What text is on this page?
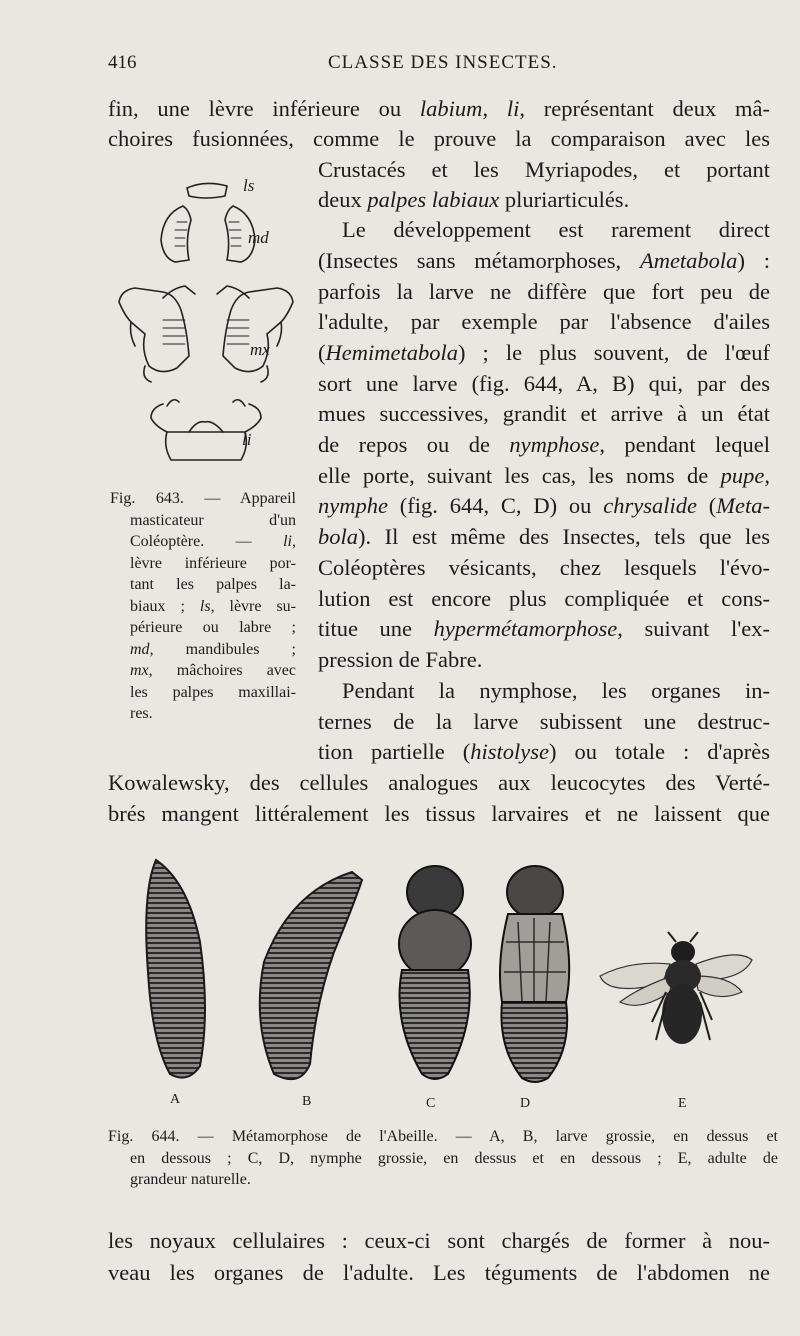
416	CLASSE DES INSECTES.
fin, une lèvre inférieure ou labium, li, représentant deux mâ-
choires fusionnées, comme le prouve la comparaison avec les
Crustacés et les Myriapodes, et portant
deux palpes labiaux pluriarticulés.
Le développement est rarement direct
(Insectes sans métamorphoses, Ametabola) :
parfois la larve ne diffère que fort peu de
l'adulte, par exemple par l'absence d'ailes
(Hemimetabola) ; le plus souvent, de l'œuf
sort une larve (fig. 644, A, B) qui, par des
mues successives, grandit et arrive à un état
de repos ou de nymphose, pendant lequel
elle porte, suivant les cas, les noms de pupe,
nymphe (fig. 644, C, D) ou chrysalide (Meta-
bola). Il est même des Insectes, tels que les
Coléoptères vésicants, chez lesquels l'évo-
lution est encore plus compliquée et cons-
titue une hypermétamorphose, suivant l'ex-
pression de Fabre.
Pendant la nymphose, les organes in-
ternes de la larve subissent une destruc-
tion partielle (histolyse) ou totale : d'après
Kowalewsky, des cellules analogues aux leucocytes des Verté-
brés mangent littéralement les tissus larvaires et ne laissent que
les noyaux cellulaires : ceux-ci sont chargés de former à nou-
veau les organes de l'adulte. Les téguments de l'abdomen ne
ls
md
mx
li
Fig. 643. — Appareil
masticateur d'un
Coléoptère. — li,
lèvre inférieure por-
tant les palpes la-
biaux ; ls, lèvre su-
périeure ou labre ;
md, mandibules ;
mx, mâchoires avec
les palpes maxillai-
res.
A	B	C	D	E
Fig. 644. — Métamorphose de l'Abeille. — A, B, larve grossie, en dessus et
en dessous ; C, D, nymphe grossie, en dessus et en dessous ; E, adulte de
grandeur naturelle.
